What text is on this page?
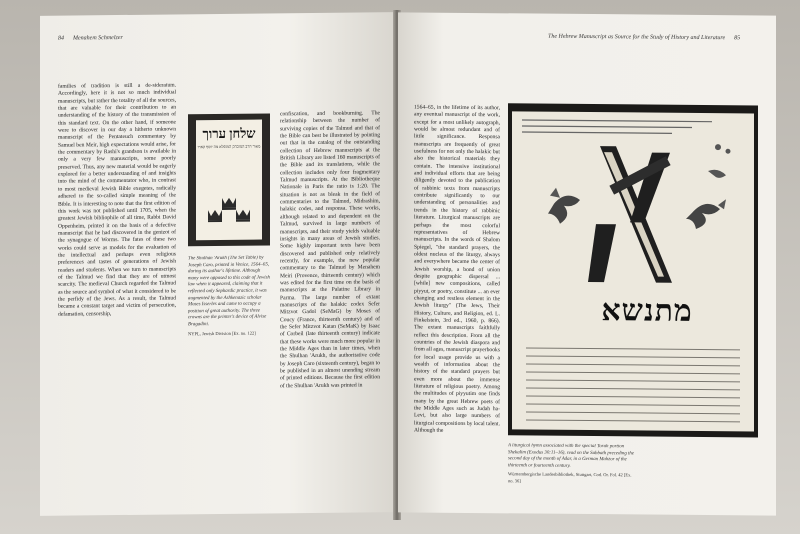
84 Menahem Schmelzer

families of tradition is still a de-sideratum. Accordingly, here it is not so much individual manuscripts, but rather the totality of all the sources, that are valuable for their contribution to an understanding of the history of the transmission of this standard text. On the other hand, if someone were to discover in our day a hitherto unknown manuscript of the Pentateuch commentary by Samuel ben Meir, high expectations would arise, for the commentary by Rashi's grandson is available in only a very few manuscripts, some poorly preserved. Thus, any new material would be eagerly explored for a better understanding of and insights into the mind of the commentator who, in contrast to most medieval Jewish Bible exegetes, radically adhered to the so-called simple meaning of the Bible. It is interesting to note that the first edition of this work was not published until 1705, when the greatest Jewish bibliophile of all time, Rabbi David Oppenheim, printed it on the basis of a defective manuscript that he had discovered in the genizot of the synagogue of Worms. The fates of these two works could serve as models for the evaluation of the intellectual and perhaps even religious preferences and tastes of generations of Jewish readers and students. When we turn to manuscripts of the Talmud we find that they are of utmost scarcity. The medieval Church regarded the Talmud as the source and symbol of what it considered to be the perfidy of the Jews. As a result, the Talmud became a constant target and victim of persecution, defamation, censorship,

שלחן ערוך
מאור הרב המובהק המופלא מה יוסף קארו
The Shulhan 'Arukh (The Set Table) by Joseph Caro, printed in Venice, 1564–65, during its author's lifetime. Although many were opposed to this code of Jewish law when it appeared, claiming that it reflected only Sephardic practice, it was augmented by the Ashkenazic scholar Moses Isserles and came to occupy a position of great authority. The three crowns are the printer's device of Alvise Bragadini.
NYPL, Jewish Division [Ex. no. 122]

confiscation, and bookburning. The relationship between the number of surviving copies of the Talmud and that of the Bible can best be illustrated by pointing out that in the catalog of the outstanding collection of Hebrew manuscripts at the British Library are listed 160 manuscripts of the Bible and its translations, while the collection includes only four fragmentary Talmud manuscripts. At the Bibliotheque Nationale in Paris the ratio is 1:20. The situation is not as bleak in the field of commentaries to the Talmud, Midrashim, halakic codes, and responsa. These works, although related to and dependent on the Talmud, survived in large numbers of manuscripts, and their study yields valuable insights in many areas of Jewish studies. Some highly important texts have been discovered and published only relatively recently, for example, the new popular commentary to the Talmud by Menahem Meiri (Provence, thirteenth century) which was edited for the first time on the basis of manuscripts at the Palatine Library in Parma. The large number of extant manuscripts of the halakic codex Sefer Mitzvot Gadol (SeMaG) by Moses of Coucy (France, thirteenth century) and of the Sefer Mitzvot Katan (SeMaK) by Isaac of Corbeil (late thirteenth century) indicate that these works were much more popular in the Middle Ages than in later times, when the Shulhan 'Arukh, the authoritative code by Joseph Caro (sixteenth century), began to be published in an almost unending stream of printed editions. Because the first edition of the Shulhan 'Arukh was printed in

The Hebrew Manuscript as Source for the Study of History and Literature 85

1564–65, in the lifetime of its author, any eventual manuscript of the work, except for a most unlikely autograph, would be almost redundant and of little significance. Responsa manuscripts are frequently of great usefulness for not only the halakic but also the historical materials they contain. The intensive institutional and individual efforts that are being diligently devoted to the publication of rabbinic texts from manuscripts contribute significantly to our understanding of personalities and trends in the history of rabbinic literature. Liturgical manuscripts are perhaps the most colorful representatives of Hebrew manuscripts. In the words of Shalom Spiegel, "the standard prayers, the oldest nucleus of the liturgy, always and everywhere became the center of Jewish worship, a bond of union despite geographic dispersal ... [while] new compositions, called piyyut, or poetry, constitute ... an ever changing and restless element in the Jewish liturgy" (The Jews, Their History, Culture, and Religion, ed. L. Finkelstein, 3rd ed., 1960, p. 866). The extant manuscripts faithfully reflect this description. From all the countries of the Jewish diaspora and from all ages, manuscript prayerbooks for local usage provide us with a wealth of information about the history of the standard prayers but even more about the immense literature of religious poetry. Among the multitudes of piyyutim one finds many by the great Hebrew poets of the Middle Ages such as Judah ha-Levi, but also large numbers of liturgical compositions by local talent. Although the

מתנשא
A liturgical hymn associated with the special Torah portion Shekalim (Exodus 30:11–16), read on the Sabbath preceding the second day of the month of Adar, in a German Mahzor of the thirteenth or fourteenth century.
Württembergische Landesbibliothek, Stuttgart, Cod. Or. Fol. 42 [Ex. no. 36]
